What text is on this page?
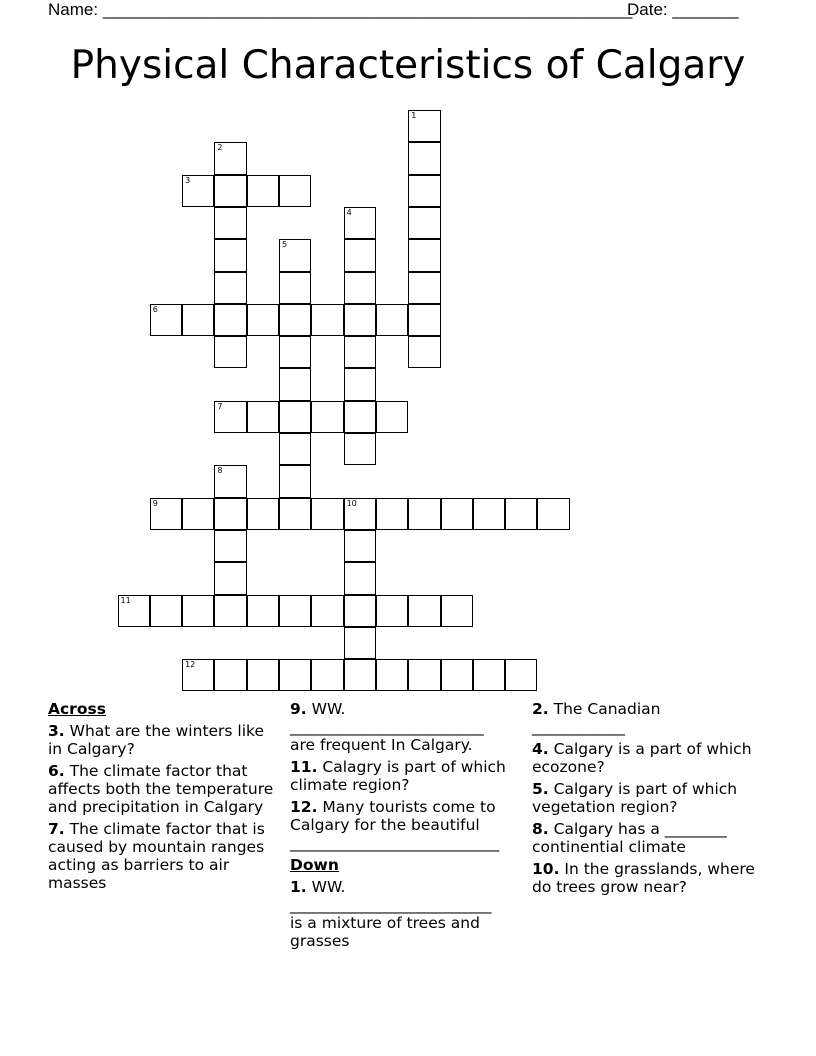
Name: ________________________________________________________
Date: _______
Physical Characteristics of Calgary
1
2
3
4
5
6
7
8
9	10
11
12
Across
3. What are the winters like in Calgary?
6. The climate factor that affects both the temperature and precipitation in Calgary
7. The climate factor that is caused by mountain ranges acting as barriers to air masses
9. WW.
_________________________
are frequent In Calgary.
11. Calagry is part of which climate region?
12. Many tourists come to Calgary for the beautiful
___________________________
Down
1. WW.
__________________________
is a mixture of trees and grasses
2. The Canadian
____________
4. Calgary is a part of which ecozone?
5. Calgary is part of which vegetation region?
8. Calgary has a ________ continential climate
10. In the grasslands, where do trees grow near?
